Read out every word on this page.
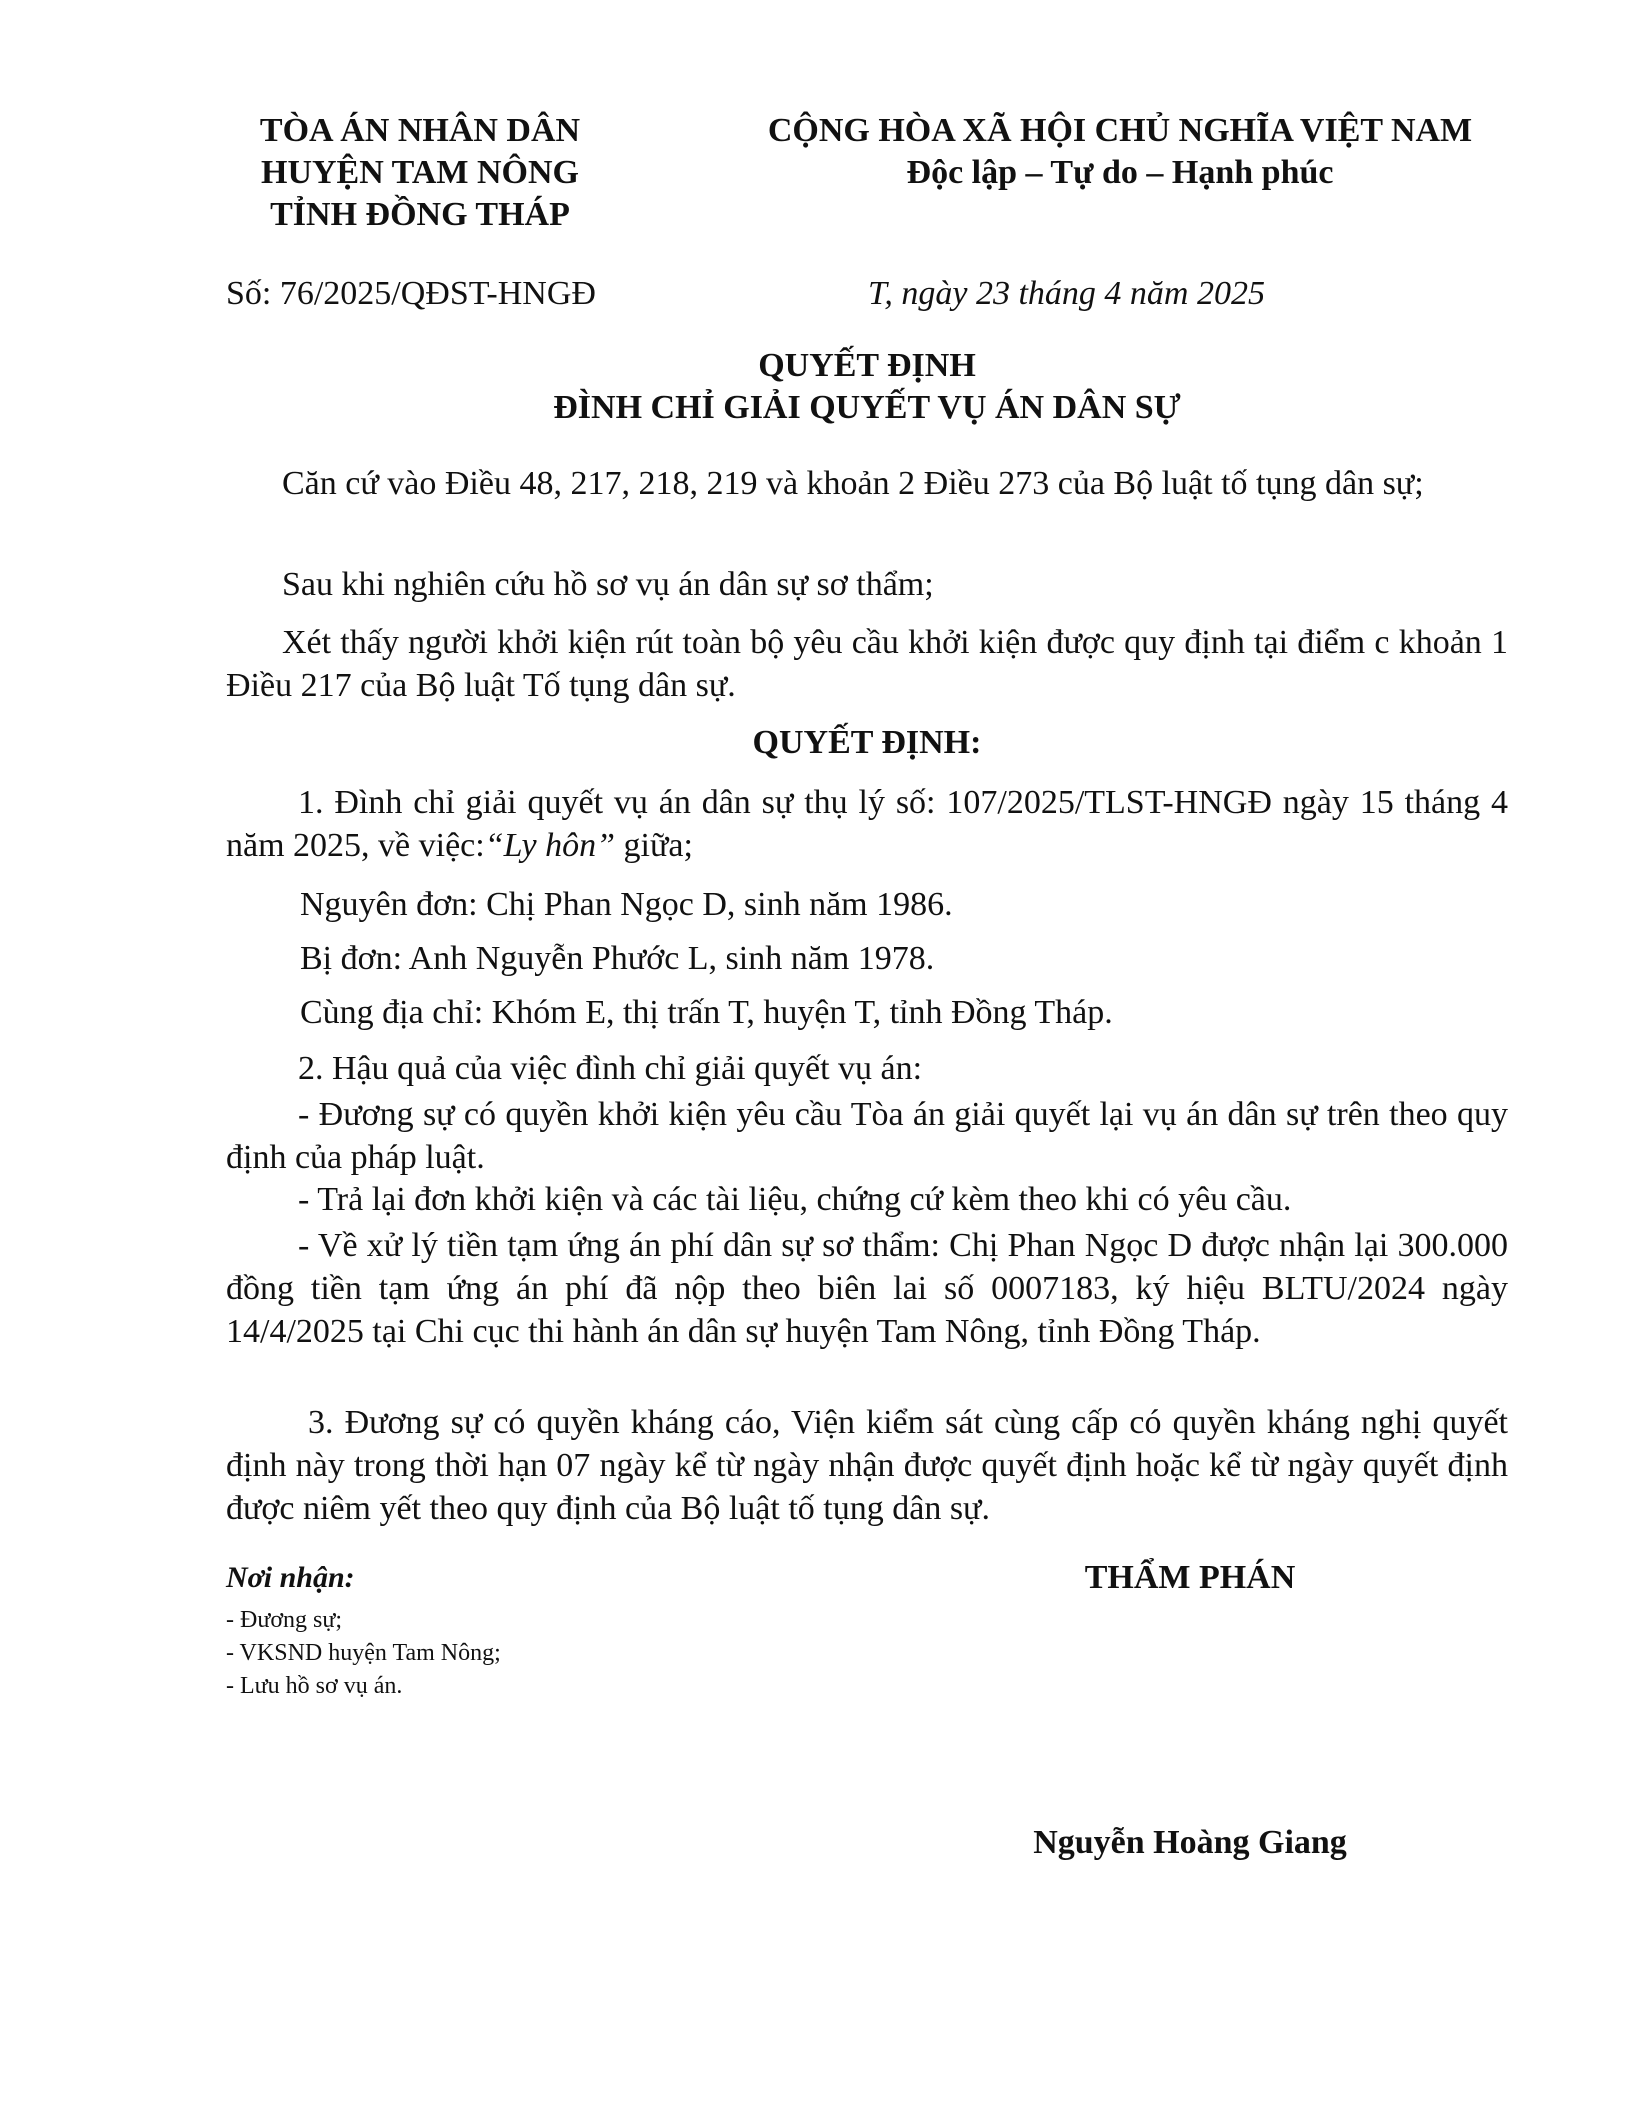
TÒA ÁN NHÂN DÂN
HUYỆN TAM NÔNG
TỈNH ĐỒNG THÁP
CỘNG HÒA XÃ HỘI CHỦ NGHĨA VIỆT NAM
Độc lập – Tự do – Hạnh phúc
Số: 76/2025/QĐST-HNGĐ	T, ngày 23 tháng 4 năm 2025
QUYẾT ĐỊNH
ĐÌNH CHỈ GIẢI QUYẾT VỤ ÁN DÂN SỰ
Căn cứ vào Điều 48, 217, 218, 219 và khoản 2 Điều 273 của Bộ luật tố tụng dân sự;
Sau khi nghiên cứu hồ sơ vụ án dân sự sơ thẩm;
Xét thấy người khởi kiện rút toàn bộ yêu cầu khởi kiện được quy định tại điểm c khoản 1 Điều 217 của Bộ luật Tố tụng dân sự.
QUYẾT ĐỊNH:
1. Đình chỉ giải quyết vụ án dân sự thụ lý số: 107/2025/TLST-HNGĐ ngày 15 tháng 4 năm 2025, về việc:“Ly hôn” giữa;
Nguyên đơn: Chị Phan Ngọc D, sinh năm 1986.
Bị đơn: Anh Nguyễn Phước L, sinh năm 1978.
Cùng địa chỉ: Khóm E, thị trấn T, huyện T, tỉnh Đồng Tháp.
2. Hậu quả của việc đình chỉ giải quyết vụ án:
- Đương sự có quyền khởi kiện yêu cầu Tòa án giải quyết lại vụ án dân sự trên theo quy định của pháp luật.
- Trả lại đơn khởi kiện và các tài liệu, chứng cứ kèm theo khi có yêu cầu.
- Về xử lý tiền tạm ứng án phí dân sự sơ thẩm: Chị Phan Ngọc D được nhận lại 300.000 đồng tiền tạm ứng án phí đã nộp theo biên lai số 0007183, ký hiệu BLTU/2024 ngày 14/4/2025 tại Chi cục thi hành án dân sự huyện Tam Nông, tỉnh Đồng Tháp.
3. Đương sự có quyền kháng cáo, Viện kiểm sát cùng cấp có quyền kháng nghị quyết định này trong thời hạn 07 ngày kể từ ngày nhận được quyết định hoặc kể từ ngày quyết định được niêm yết theo quy định của Bộ luật tố tụng dân sự.
Nơi nhận:
- Đương sự;
- VKSND huyện Tam Nông;
- Lưu hồ sơ vụ án.
THẨM PHÁN
Nguyễn Hoàng Giang
